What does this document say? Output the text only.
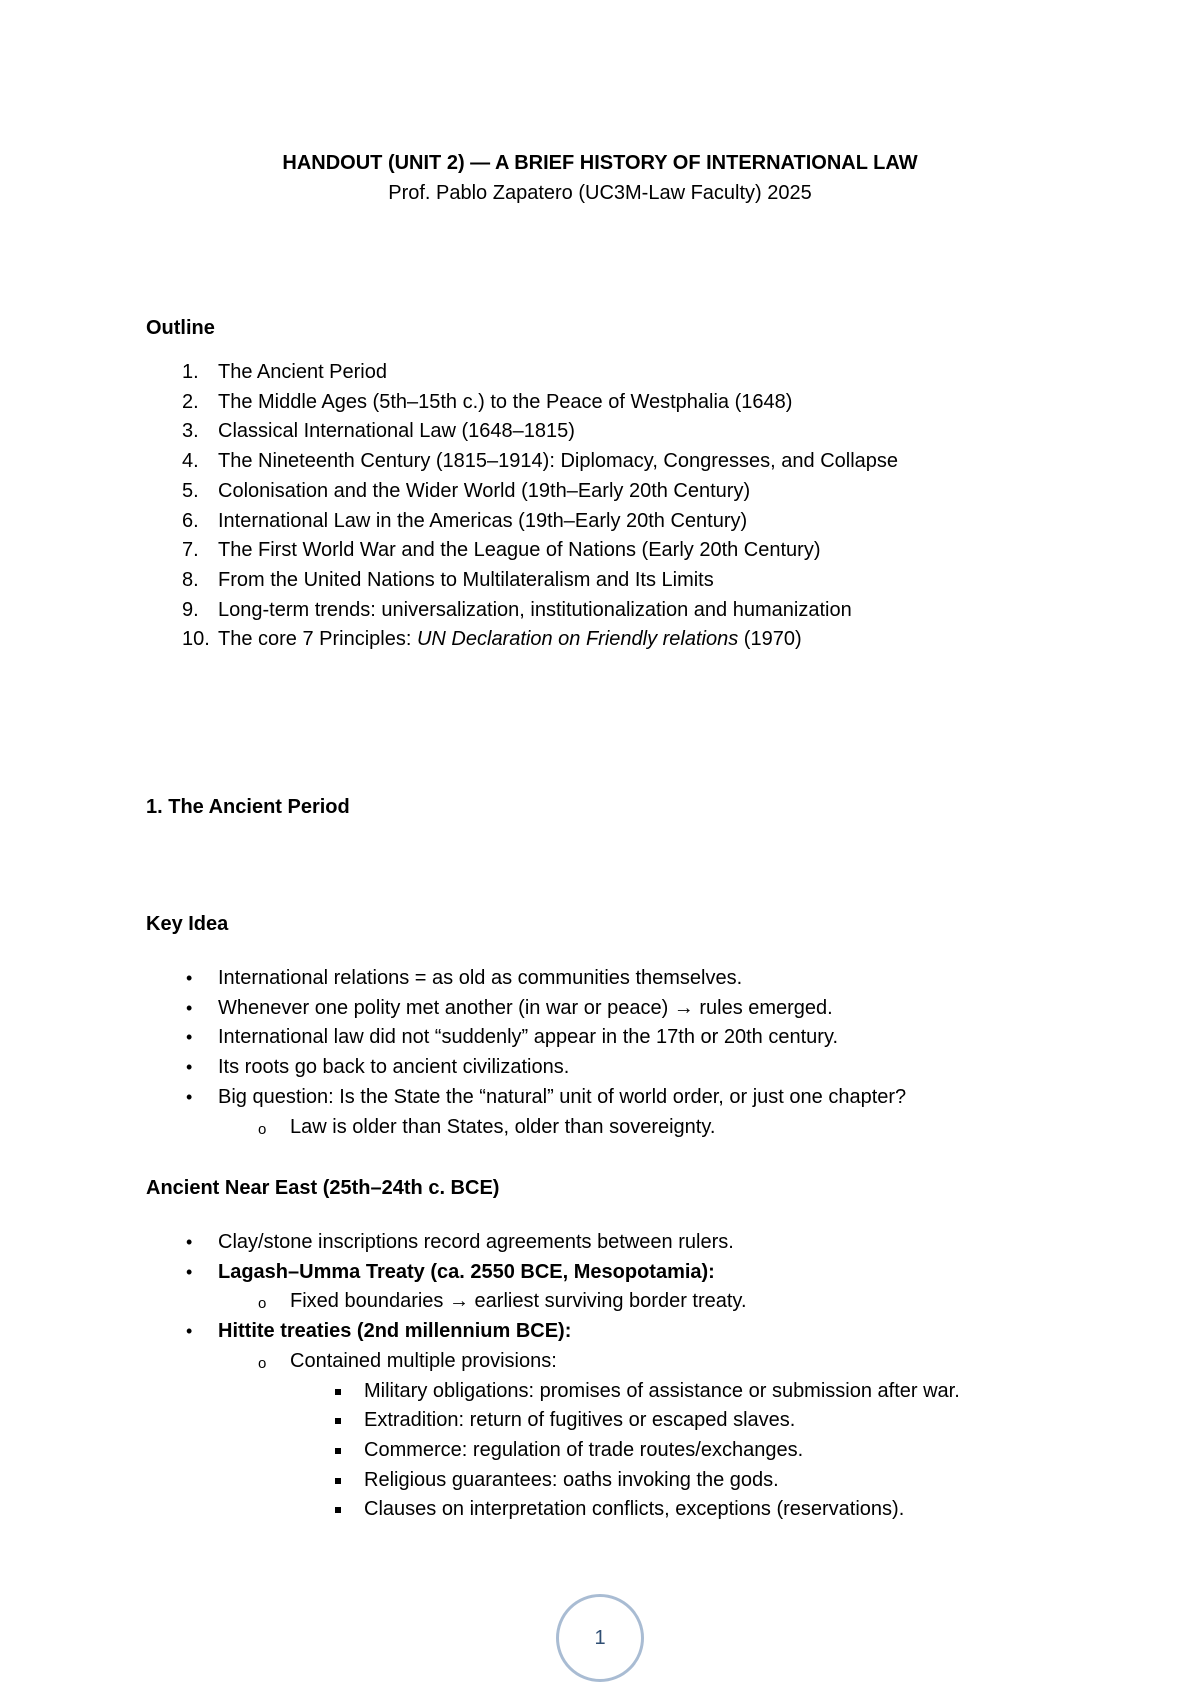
HANDOUT (UNIT 2) — A BRIEF HISTORY OF INTERNATIONAL LAW
Prof. Pablo Zapatero (UC3M-Law Faculty) 2025

Outline

1. The Ancient Period
2. The Middle Ages (5th–15th c.) to the Peace of Westphalia (1648)
3. Classical International Law (1648–1815)
4. The Nineteenth Century (1815–1914): Diplomacy, Congresses, and Collapse
5. Colonisation and the Wider World (19th–Early 20th Century)
6. International Law in the Americas (19th–Early 20th Century)
7. The First World War and the League of Nations (Early 20th Century)
8. From the United Nations to Multilateralism and Its Limits
9. Long-term trends: universalization, institutionalization and humanization
10. The core 7 Principles: UN Declaration on Friendly relations (1970)

1. The Ancient Period

Key Idea

• International relations = as old as communities themselves.
• Whenever one polity met another (in war or peace) → rules emerged.
• International law did not “suddenly” appear in the 17th or 20th century.
• Its roots go back to ancient civilizations.
• Big question: Is the State the “natural” unit of world order, or just one chapter?
o Law is older than States, older than sovereignty.

Ancient Near East (25th–24th c. BCE)

• Clay/stone inscriptions record agreements between rulers.
• Lagash–Umma Treaty (ca. 2550 BCE, Mesopotamia):
o Fixed boundaries → earliest surviving border treaty.
• Hittite treaties (2nd millennium BCE):
o Contained multiple provisions:
Military obligations: promises of assistance or submission after war.
Extradition: return of fugitives or escaped slaves.
Commerce: regulation of trade routes/exchanges.
Religious guarantees: oaths invoking the gods.
Clauses on interpretation conflicts, exceptions (reservations).
1
